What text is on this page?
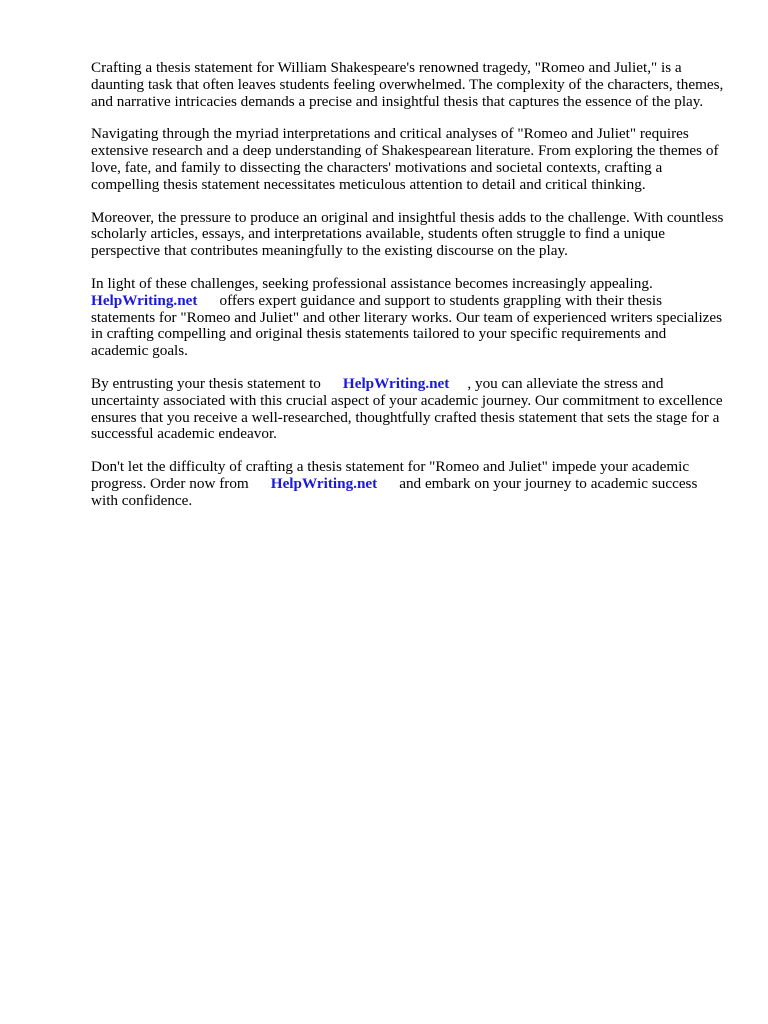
Crafting a thesis statement for William Shakespeare's renowned tragedy, "Romeo and Juliet," is a daunting task that often leaves students feeling overwhelmed. The complexity of the characters, themes, and narrative intricacies demands a precise and insightful thesis that captures the essence of the play.

Navigating through the myriad interpretations and critical analyses of "Romeo and Juliet" requires extensive research and a deep understanding of Shakespearean literature. From exploring the themes of love, fate, and family to dissecting the characters' motivations and societal contexts, crafting a compelling thesis statement necessitates meticulous attention to detail and critical thinking.

Moreover, the pressure to produce an original and insightful thesis adds to the challenge. With countless scholarly articles, essays, and interpretations available, students often struggle to find a unique perspective that contributes meaningfully to the existing discourse on the play.

In light of these challenges, seeking professional assistance becomes increasingly appealing.
HelpWriting.net offers expert guidance and support to students grappling with their thesis statements for "Romeo and Juliet" and other literary works. Our team of experienced writers specializes in crafting compelling and original thesis statements tailored to your specific requirements and academic goals.

By entrusting your thesis statement to HelpWriting.net , you can alleviate the stress and uncertainty associated with this crucial aspect of your academic journey. Our commitment to excellence ensures that you receive a well-researched, thoughtfully crafted thesis statement that sets the stage for a successful academic endeavor.

Don't let the difficulty of crafting a thesis statement for "Romeo and Juliet" impede your academic progress. Order now from HelpWriting.net and embark on your journey to academic success with confidence.
